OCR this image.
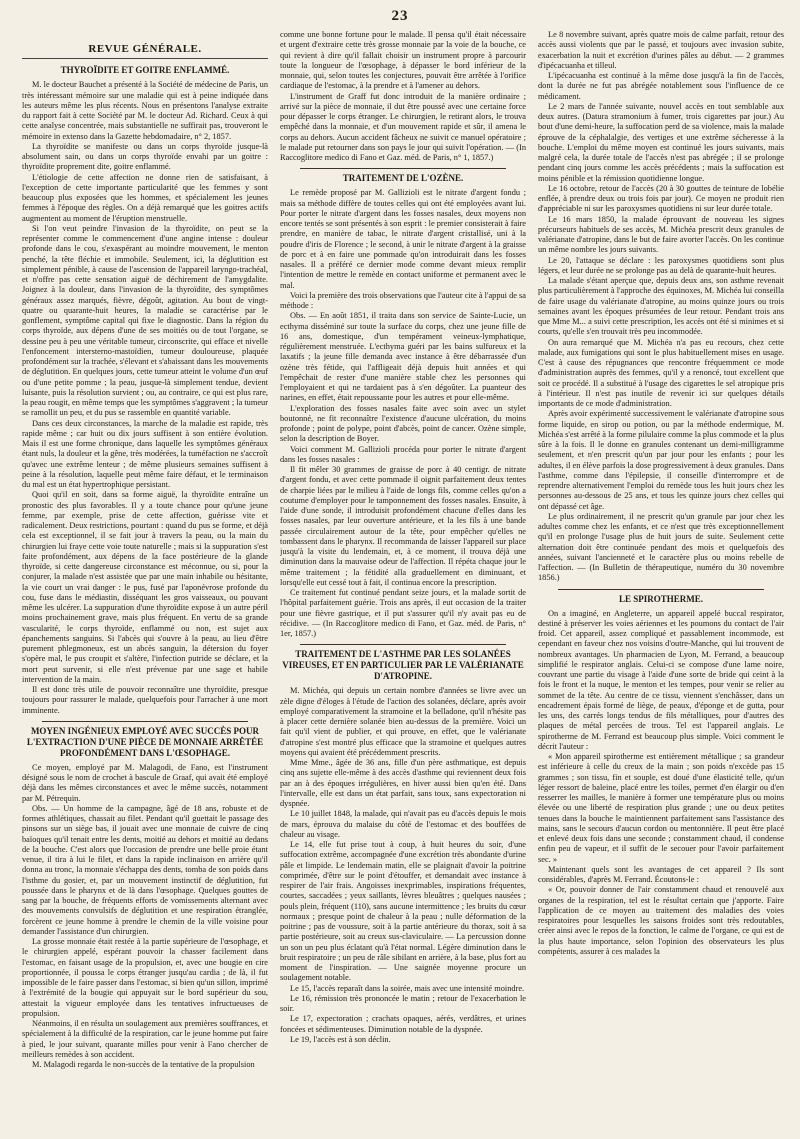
23
REVUE GÉNÉRALE.
THYROÏDITE ET GOITRE ENFLAMMÉ.

M. le docteur Bauchet a présenté à la Société de médecine de Paris, un très intéressant mémoire sur une maladie qui est à peine indiquée dans les auteurs même les plus récents. Nous en présentons l'analyse extraite du rapport fait à cette Société par M. le docteur Ad. Richard. Ceux à qui cette analyse concentrée, mais substantielle ne suffirait pas, trouveront le mémoire in extenso dans la Gazette hebdomadaire, n° 2, 1857.

La thyroïdite se manifeste ou dans un corps thyroïde jusque-là absolument sain, ou dans un corps thyroïde envahi par un goitre : thyroïdite proprement dite, goitre enflammé.

L'étiologie de cette affection ne donne rien de satisfaisant, à l'exception de cette importante particularité que les femmes y sont beaucoup plus exposées que les hommes, et spécialement les jeunes femmes à l'époque des règles. On a déjà remarqué que les goitres actifs augmentent au moment de l'éruption menstruelle.

Si l'on veut peindre l'invasion de la thyroïdite, on peut se la représenter comme le commencement d'une angine intense : douleur profonde dans le cou, s'exaspérant au moindre mouvement, le menton penché, la tête fléchie et immobile. Seulement, ici, la déglutition est simplement pénible, à cause de l'ascension de l'appareil laryngo-trachéal, et n'offre pas cette sensation aiguë de déchirement de l'amygdalite. Joignez à la douleur, dans l'invasion de la thyroïdite, des symptômes généraux assez marqués, fièvre, dégoût, agitation. Au bout de vingt-quatre ou quarante-huit heures, la maladie se caractérise par le gonflement, symptôme capital qui fixe le diagnostic. Dans la région du corps thyroïde, aux dépens d'une de ses moitiés ou de tout l'organe, se dessine peu à peu une véritable tumeur, circonscrite, qui efface et nivelle l'enfoncement intersterno-mastoïdien, tumeur douloureuse, plaquée profondément sur la trachée, s'élevant et s'abaissant dans les mouvements de déglutition. En quelques jours, cette tumeur atteint le volume d'un œuf ou d'une petite pomme ; la peau, jusque-là simplement tendue, devient luisante, puis la résolution survient ; ou, au contraire, ce qui est plus rare, la peau rougit, en même temps que les symptômes s'aggravent ; la tumeur se ramollit un peu, et du pus se rassemble en quantité variable.

Dans ces deux circonstances, la marche de la maladie est rapide, très rapide même ; car huit ou dix jours suffisent à son entière évolution. Mais il est une forme chronique, dans laquelle les symptômes généraux étant nuls, la douleur et la gêne, très modérées, la tuméfaction ne s'accroît qu'avec une extrême lenteur ; de même plusieurs semaines suffisent à peine à la résolution, laquelle peut même faire défaut, et le terminaison du mal est un état hypertrophique persistant.

Quoi qu'il en soit, dans sa forme aiguë, la thyroïdite entraîne un pronostic des plus favorables. Il y a toute chance pour qu'une jeune femme, par exemple, prise de cette affection, guérisse vite et radicalement. Deux restrictions, pourtant : quand du pus se forme, et déjà cela est exceptionnel, il se fait jour à travers la peau, ou la main du chirurgien lui fraye cette voie toute naturelle ; mais si la suppuration s'est faite profondément, aux dépens de la face postérieure de la glande thyroïde, si cette dangereuse circonstance est méconnue, ou si, pour la conjurer, la malade n'est assistée que par une main inhabile ou hésitante, la vie court un vrai danger : le pus, fusé par l'aponévrose profonde du cou, fuse dans le médiastin, disséquant les gros vaisseaux, ou pouvant même les ulcérer. La suppuration d'une thyroïdite expose à un autre péril moins prochainement grave, mais plus fréquent. En vertu de sa grande vascularité, le corps thyroïde, enflammé ou non, est sujet aux épanchements sanguins. Si l'abcès qui s'ouvre à la peau, au lieu d'être purement phlegmoneux, est un abcès sanguin, la détersion du foyer s'opère mal, le pus croupit et s'altère, l'infection putride se déclare, et la mort peut survenir, si elle n'est prévenue par une sage et habile intervention de la main.

Il est donc très utile de pouvoir reconnaître une thyroïdite, presque toujours pour rassurer le malade, quelquefois pour l'arracher à une mort imminente.

MOYEN INGÉNIEUX EMPLOYÉ AVEC SUCCÈS POUR L'EXTRACTION D'UNE PIÈCE DE MONNAIE ARRÊTÉE PROFONDÉMENT DANS L'ŒSOPHAGE.

Ce moyen, employé par M. Malagodi, de Fano, est l'instrument désigné sous le nom de crochet à bascule de Graaf, qui avait été employé déjà dans les mêmes circonstances et avec le même succès, notamment par M. Pétrequin.

Obs. — Un homme de la campagne, âgé de 18 ans, robuste et de formes athlétiques, chassait au filet. Pendant qu'il guettait le passage des pinsons sur un siège bas, il jouait avec une monnaie de cuivre de cinq baïoques qu'il tenait entre les dents, moitié au dehors et moitié au dedans de la bouche. C'est alors que l'occasion de prendre une belle proie étant venue, il tira à lui le filet, et dans la rapide inclinaison en arrière qu'il donna au tronc, la monnaie s'échappa des dents, tomba de son poids dans l'isthme du gosier, et, par un mouvement instinctif de déglutition, fut poussée dans le pharynx et de là dans l'œsophage. Quelques gouttes de sang par la bouche, de fréquents efforts de vomissements alternant avec des mouvements convulsifs de déglutition et une respiration étranglée, forcèrent ce jeune homme à prendre le chemin de la ville voisine pour demander l'assistance d'un chirurgien.

La grosse monnaie était restée à la partie supérieure de l'œsophage, et le chirurgien appelé, espérant pouvoir la chasser facilement dans l'estomac, en faisant usage de la propulsion, et, avec une bougie en cire proportionnée, il poussa le corps étranger jusqu'au cardia ; de là, il fut impossible de le faire passer dans l'estomac, si bien qu'un sillon, imprimé à l'extrémité de la bougie qui appuyait sur le bord supérieur du sou, attestait la vigueur employée dans les tentatives infructueuses de propulsion.

Néanmoins, il en résulta un soulagement aux premières souffrances, et spécialement à la difficulté de la respiration, car le jeune homme put faire à pied, le jour suivant, quarante milles pour venir à Fano chercher de meilleurs remèdes à son accident.

M. Malagodi regarda le non-succès de la tentative de la propulsion

comme une bonne fortune pour le malade. Il pensa qu'il était nécessaire et urgent d'extraire cette très grosse monnaie par la voie de la bouche, ce qui revient à dire qu'il fallait choisir un instrument propre à parcourir toute la longueur de l'œsophage, à dépasser le bord inférieur de la monnaie, qui, selon toutes les conjectures, pouvait être arrêtée à l'orifice cardiaque de l'estomac, à la prendre et à l'amener au dehors.

L'instrument de Graff fut donc introduit de la manière ordinaire ; arrivé sur la pièce de monnaie, il dut être poussé avec une certaine force pour dépasser le corps étranger. Le chirurgien, le retirant alors, le trouva empêché dans la monnaie, et d'un mouvement rapide et sûr, il amena le corps au dehors. Aucun accident fâcheux ne suivit ce manuel opératoire ; le malade put retourner dans son pays le jour qui suivit l'opération. — (In Raccoglitore medico di Fano et Gaz. méd. de Paris, n° 1, 1857.)

TRAITEMENT DE L'OZÈNE.

Le remède proposé par M. Gallizioli est le nitrate d'argent fondu ; mais sa méthode diffère de toutes celles qui ont été employées avant lui. Pour porter le nitrate d'argent dans les fosses nasales, deux moyens non encore tentés se sont présentés à son esprit : le premier consisterait à faire prendre, en manière de tabac, le nitrate d'argent cristallisé, uni à la poudre d'iris de Florence ; le second, à unir le nitrate d'argent à la graisse de porc et à en faire une pommade qu'on introduirait dans les fosses nasales. Il a préféré ce dernier mode comme devant mieux remplir l'intention de mettre le remède en contact uniforme et permanent avec le mal.

Voici la première des trois observations que l'auteur cite à l'appui de sa méthode :

Obs. — En août 1851, il traita dans son service de Sainte-Lucie, un ecthyma disséminé sur toute la surface du corps, chez une jeune fille de 16 ans, domestique, d'un tempérament veineux-lymphatique, régulièrement menstruée. L'ecthyma guéri par les bains sulfureux et la laxatifs ; la jeune fille demanda avec instance à être débarrassée d'un ozène très fétide, qui l'affligeait déjà depuis huit années et qui l'empêchait de rester d'une manière stable chez les personnes qui l'employaient et qui ne tardaient pas à s'en dégoûter. La puanteur des narines, en effet, était repoussante pour les autres et pour elle-même.

L'exploration des fosses nasales faite avec soin avec un stylet boutonné, ne fit reconnaître l'existence d'aucune ulcération, du moins profonde ; point de polype, point d'abcès, point de cancer. Ozène simple, selon la description de Boyer.

Voici comment M. Gallizioli procéda pour porter le nitrate d'argent dans les fosses nasales :

Il fit mêler 30 grammes de graisse de porc à 40 centigr. de nitrate d'argent fondu, et avec cette pommade il oignit parfaitement deux tentes de charpie liées par le milieu à l'aide de longs fils, comme celles qu'on a coutume d'employer pour le tamponnement des fosses nasales. Ensuite, à l'aide d'une sonde, il introduisit profondément chacune d'elles dans les fosses nasales, par leur ouverture antérieure, et la les fils à une bande passée circulairement autour de la tête, pour empêcher qu'elles ne tombassent dans le pharynx. Il recommanda de laisser l'appareil sur place jusqu'à la visite du lendemain, et, à ce moment, il trouva déjà une diminution dans la mauvaise odeur de l'affection. Il répéta chaque jour le même traitement ; la fétidité alla graduellement en diminuant, et lorsqu'elle eut cessé tout à fait, il continua encore la prescription.

Ce traitement fut continué pendant seize jours, et la malade sortit de l'hôpital parfaitement guérie. Trois ans après, il eut occasion de la traiter pour une fièvre gastrique, et il put s'assurer qu'il n'y avait pas eu de récidive. — (In Raccoglitore medico di Fano, et Gaz. méd. de Paris, n° 1er, 1857.)

TRAITEMENT DE L'ASTHME PAR LES SOLANÉES VIREUSES, ET EN PARTICULIER PAR LE VALÉRIANATE D'ATROPINE.

M. Michéa, qui depuis un certain nombre d'années se livre avec un zèle digne d'éloges à l'étude de l'action des solanées, déclare, après avoir employé comparativement la stramoine et la belladone, qu'il n'hésite pas à placer cette dernière solanée bien au-dessus de la première. Voici un fait qu'il vient de publier, et qui prouve, en effet, que le valérianate d'atropine s'est montré plus efficace que la stramoine et quelques autres moyens qui avaient été précédemment prescrits.

Mme Mme., âgée de 36 ans, fille d'un père asthmatique, est depuis cinq ans sujette elle-même à des accès d'asthme qui reviennent deux fois par an à des époques irrégulières, en hiver aussi bien qu'en été. Dans l'intervalle, elle est dans un état parfait, sans toux, sans expectoration ni dyspnée.

Le 10 juillet 1848, la malade, qui n'avait pas eu d'accès depuis le mois de mars, éprouva du malaise du côté de l'estomac et des bouffées de chaleur au visage.

Le 14, elle fut prise tout à coup, à huit heures du soir, d'une suffocation extrême, accompagnée d'une excrétion très abondante d'urine pâle et limpide. Le lendemain matin, elle se plaignait d'avoir la poitrine comprimée, d'être sur le point d'étouffer, et demandait avec instance à respirer de l'air frais. Angoisses inexprimables, inspirations fréquentes, courtes, saccadées ; yeux saillants, lèvres bleuâtres ; quelques nausées ; pouls plein, fréquent (110), sans aucune intermittence ; les bruits du cœur normaux ; presque point de chaleur à la peau ; nulle déformation de la poitrine ; pas de voussure, soit à la partie antérieure du thorax, soit à sa partie postérieure, soit au creux sus-claviculaire. — La percussion donne un son un peu plus éclatant qu'à l'état normal. Légère diminution dans le bruit respiratoire ; un peu de râle sibilant en arrière, à la base, plus fort au moment de l'inspiration. — Une saignée moyenne procure un soulagement notable.

Le 15, l'accès reparaît dans la soirée, mais avec une intensité moindre.

Le 16, rémission très prononcée le matin ; retour de l'exacerbation le soir.

Le 17, expectoration ; crachats opaques, aérés, verdâtres, et urines foncées et sédimenteuses. Diminution notable de la dyspnée.

Le 19, l'accès est à son déclin.

Le 8 novembre suivant, après quatre mois de calme parfait, retour des accès aussi violents que par le passé, et toujours avec invasion subite, exacerbation la nuit et excrétion d'urines pâles au début. — 2 grammes d'ipécacuanha et tilleul.

L'ipécacuanha est continué à la même dose jusqu'à la fin de l'accès, dont la durée ne fut pas abrégée notablement sous l'influence de ce médicament.

Le 2 mars de l'année suivante, nouvel accès en tout semblable aux deux autres. (Datura stramonium à fumer, trois cigarettes par jour.) Au bout d'une demi-heure, la suffocation perd de sa violence, mais la malade éprouve de la céphalalgie, des vertiges et une extrême sécheresse à la bouche. L'emploi du même moyen est continué les jours suivants, mais malgré cela, la durée totale de l'accès n'est pas abrégée ; il se prolonge pendant cinq jours comme les accès précédents ; mais la suffocation est moins pénible et la rémission quotidienne longue.

Le 16 octobre, retour de l'accès (20 à 30 gouttes de teinture de lobélie enflée, à prendre deux ou trois fois par jour). Ce moyen ne produit rien d'appréciable ni sur les paroxysmes quotidiens ni sur leur durée totale.

Le 16 mars 1850, la malade éprouvant de nouveau les signes précurseurs habituels de ses accès, M. Michéa prescrit deux granules de valérianate d'atropine, dans le but de faire avorter l'accès. On les continue un même nombre les jours suivants.

Le 20, l'attaque se déclare : les paroxysmes quotidiens sont plus légers, et leur durée ne se prolonge pas au delà de quarante-huit heures.

La malade s'étant aperçue que, depuis deux ans, son asthme revenait plus particulièrement à l'approche des équinoxes, M. Michéa lui conseilla de faire usage du valérianate d'atropine, au moins quinze jours ou trois semaines avant les époques présumées de leur retour. Pendant trois ans que Mme M... a suivi cette prescription, les accès ont été si minimes et si courts, qu'elle s'en trouvait très peu incommodée.

On aura remarqué que M. Michéa n'a pas eu recours, chez cette malade, aux fumigations qui sont le plus habituellement mises en usage. C'est à cause des répugnances que rencontre fréquemment ce mode d'administration auprès des femmes, qu'il y a renoncé, tout excellent que soit ce procédé. Il a substitué à l'usage des cigarettes le sel atropique pris à l'intérieur. Il n'est pas inutile de revenir ici sur quelques détails importants de ce mode d'administration.

Après avoir expérimenté successivement le valérianate d'atropine sous forme liquide, en sirop ou potion, ou par la méthode endermique, M. Michéa s'est arrêté à la forme pilulaire comme la plus commode et la plus sûre à la fois. Il le donne en granules contenant un demi-milligramme seulement, et n'en prescrit qu'un par jour pour les enfants ; pour les adultes, il en élève parfois la dose progressivement à deux granules. Dans l'asthme, comme dans l'épilepsie, il conseille d'interrompre et de reprendre alternativement l'emploi du remède tous les huit jours chez les personnes au-dessous de 25 ans, et tous les quinze jours chez celles qui ont dépassé cet âge.

Le plus ordinairement, il ne prescrit qu'un granule par jour chez les adultes comme chez les enfants, et ce n'est que très exceptionnellement qu'il en prolonge l'usage plus de huit jours de suite. Seulement cette alternation doit être continuée pendant des mois et quelquefois des années, suivant l'ancienneté et le caractère plus ou moins rebelle de l'affection. — (In Bulletin de thérapeutique, numéro du 30 novembre 1856.)

LE SPIROTHERME.

On a imaginé, en Angleterre, un appareil appelé buccal respirator, destiné à préserver les voies aériennes et les poumons du contact de l'air froid. Cet appareil, assez compliqué et passablement incommode, est cependant en faveur chez nos voisins d'outre-Manche, qui lui trouvent de nombreux avantages. Un pharmacien de Lyon, M. Ferrand, a beaucoup simplifié le respirator anglais. Celui-ci se compose d'une lame noire, couvrant une partie du visage à l'aide d'une sorte de bride qui ceint à la fois le front et la nuque, le menton et les tempes, pour venir se relier au sommet de la tête. Au centre de ce tissu, viennent s'enchâsser, dans un encadrement épais formé de liège, de peaux, d'éponge et de gutta, pour les uns, des carrés longs tendus de fils métalliques, pour d'autres des plaques de métal percées de trous. Tel est l'appareil anglais. Le spirotherme de M. Ferrand est beaucoup plus simple. Voici comment le décrit l'auteur :

« Mon appareil spirotherme est entièrement métallique ; sa grandeur est inférieure à celle du creux de la main ; son poids n'excède pas 15 grammes ; son tissu, fin et souple, est doué d'une élasticité telle, qu'un léger ressort de baleine, placé entre les toiles, permet d'en élargir ou d'en resserrer les mailles, le manière à former une température plus ou moins élevée ou une liberté de respiration plus grande ; une ou deux petites tenues dans la bouche le maintiennent parfaitement sans l'assistance des mains, sans le secours d'aucun cordon ou mentonnière. Il peut être placé et enlevé deux fois dans une seconde ; constamment chaud, il condense enfin peu de vapeur, et il suffit de le secouer pour l'avoir parfaitement sec. »

Maintenant quels sont les avantages de cet appareil ? Ils sont considérables, d'après M. Ferrand. Écoutons-le :

« Or, pouvoir donner de l'air constamment chaud et renouvelé aux organes de la respiration, tel est le résultat certain que j'apporte. Faire l'application de ce moyen au traitement des maladies des voies respiratoires pour lesquelles les saisons froides sont très redoutables, créer ainsi avec le repos de la fonction, le calme de l'organe, ce qui est de la plus haute importance, selon l'opinion des observateurs les plus compétents, assurer à ces malades la
